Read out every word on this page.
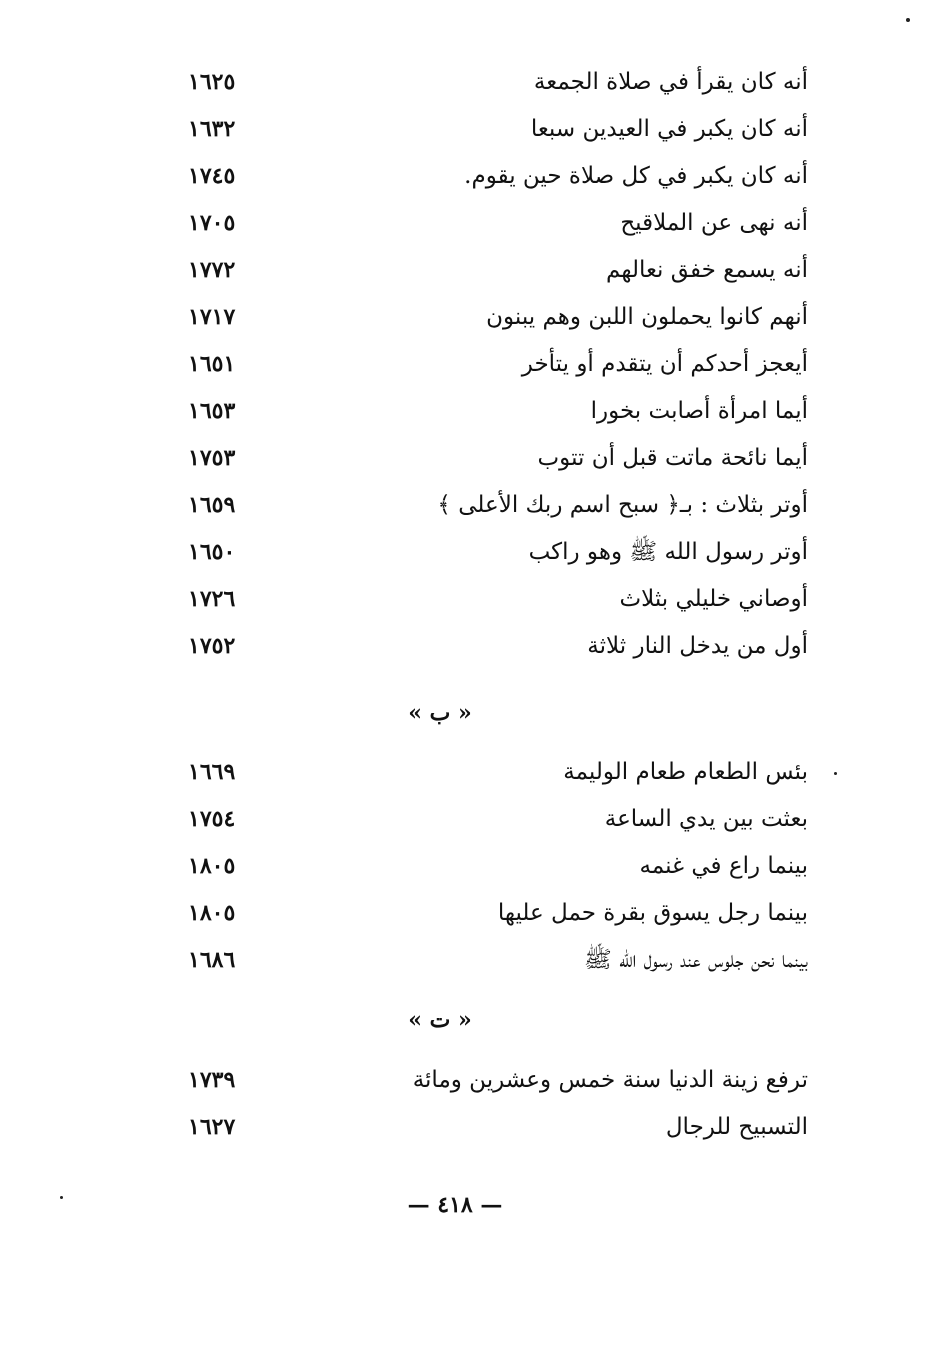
أنه كان يقرأ في صلاة الجمعة
١٦٢٥
أنه كان يكبر في العيدين سبعا
١٦٣٢
أنه كان يكبر في كل صلاة حين يقوم.
١٧٤٥
أنه نهى عن الملاقيح
١٧٠٥
أنه يسمع خفق نعالهم
١٧٧٢
أنهم كانوا يحملون اللبن وهم يبنون
١٧١٧
أيعجز أحدكم أن يتقدم أو يتأخر
١٦٥١
أيما امرأة أصابت بخورا
١٦٥٣
أيما نائحة ماتت قبل أن تتوب
١٧٥٣
أوتر بثلاث : بـ﴿ سبح اسم ربك الأعلى ﴾
١٦٥٩
أوتر رسول الله ﷺ وهو راكب
١٦٥٠
أوصاني خليلي بثلاث
١٧٢٦
أول من يدخل النار ثلاثة
١٧٥٢
« ب »
بئس الطعام طعام الوليمة
١٦٦٩
بعثت بين يدي الساعة
١٧٥٤
بينما راع في غنمه
١٨٠٥
بينما رجل يسوق بقرة حمل عليها
١٨٠٥
بينما نحن جلوس عند رسول الله ﷺ
١٦٨٦
« ت »
ترفع زينة الدنيا سنة خمس وعشرين ومائة
١٧٣٩
التسبيح للرجال
١٦٢٧
— ٤١٨ —
